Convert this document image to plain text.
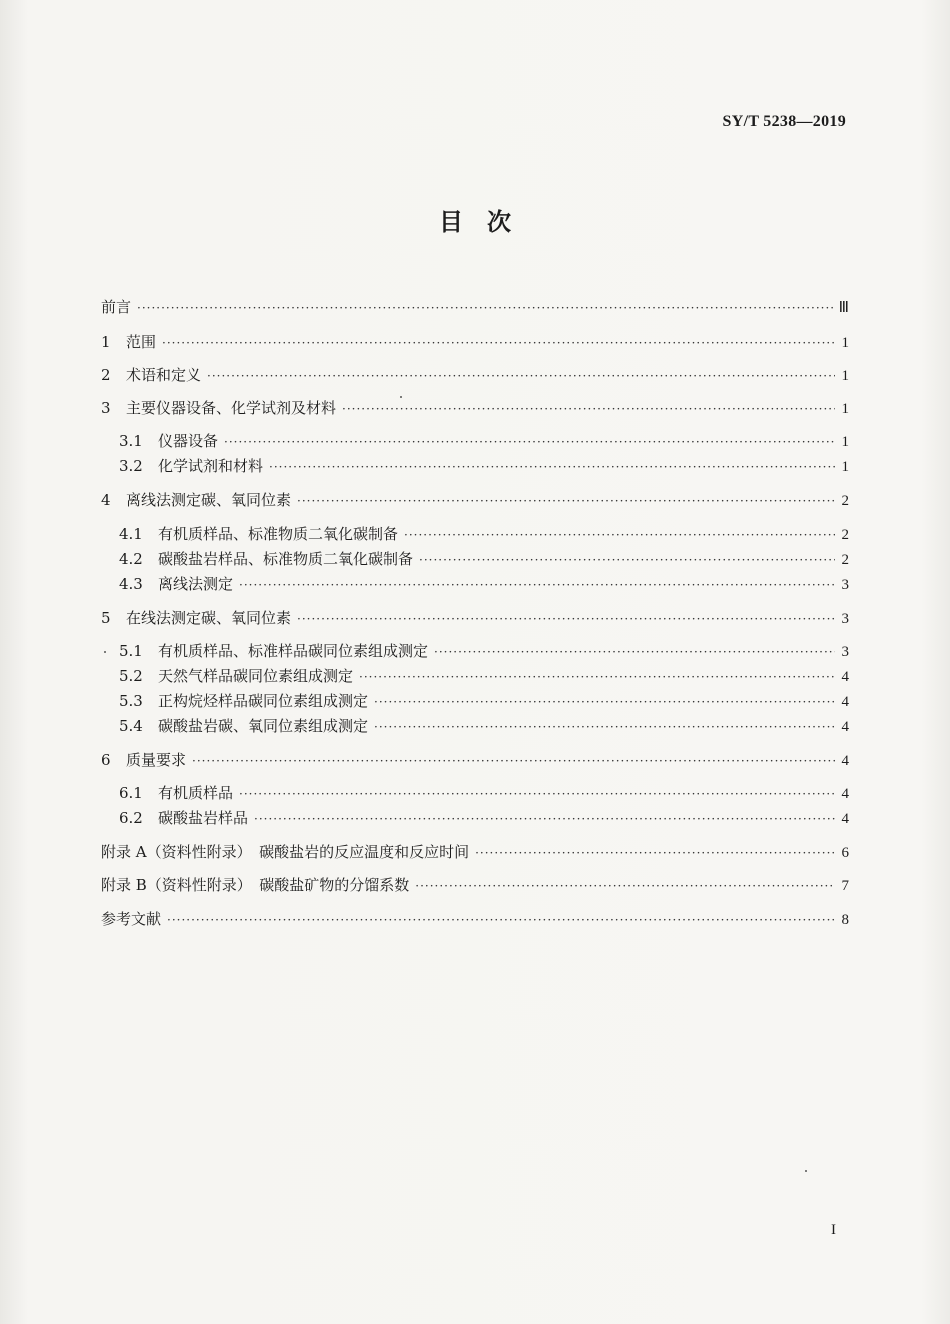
SY/T 5238—2019
目　次
前言 ·····	Ⅲ
1	范围 ·····	1
2	术语和定义 ·····	1
3	主要仪器设备、化学试剂及材料 ·····	1
3.1	仪器设备 ·····	1
3.2	化学试剂和材料 ·····	1
4	离线法测定碳、氧同位素 ·····	2
4.1	有机质样品、标准物质二氧化碳制备 ·····	2
4.2	碳酸盐岩样品、标准物质二氧化碳制备 ·····	2
4.3	离线法测定 ·····	3
5	在线法测定碳、氧同位素 ·····	3
5.1	有机质样品、标准样品碳同位素组成测定 ·····	3
5.2	天然气样品碳同位素组成测定 ·····	4
5.3	正构烷烃样品碳同位素组成测定 ·····	4
5.4	碳酸盐岩碳、氧同位素组成测定 ·····	4
6	质量要求 ·····	4
6.1	有机质样品 ·····	4
6.2	碳酸盐岩样品 ·····	4
附录 A（资料性附录）　碳酸盐岩的反应温度和反应时间 ·····	6
附录 B（资料性附录）　碳酸盐矿物的分馏系数 ·····	7
参考文献 ·····	8
I
